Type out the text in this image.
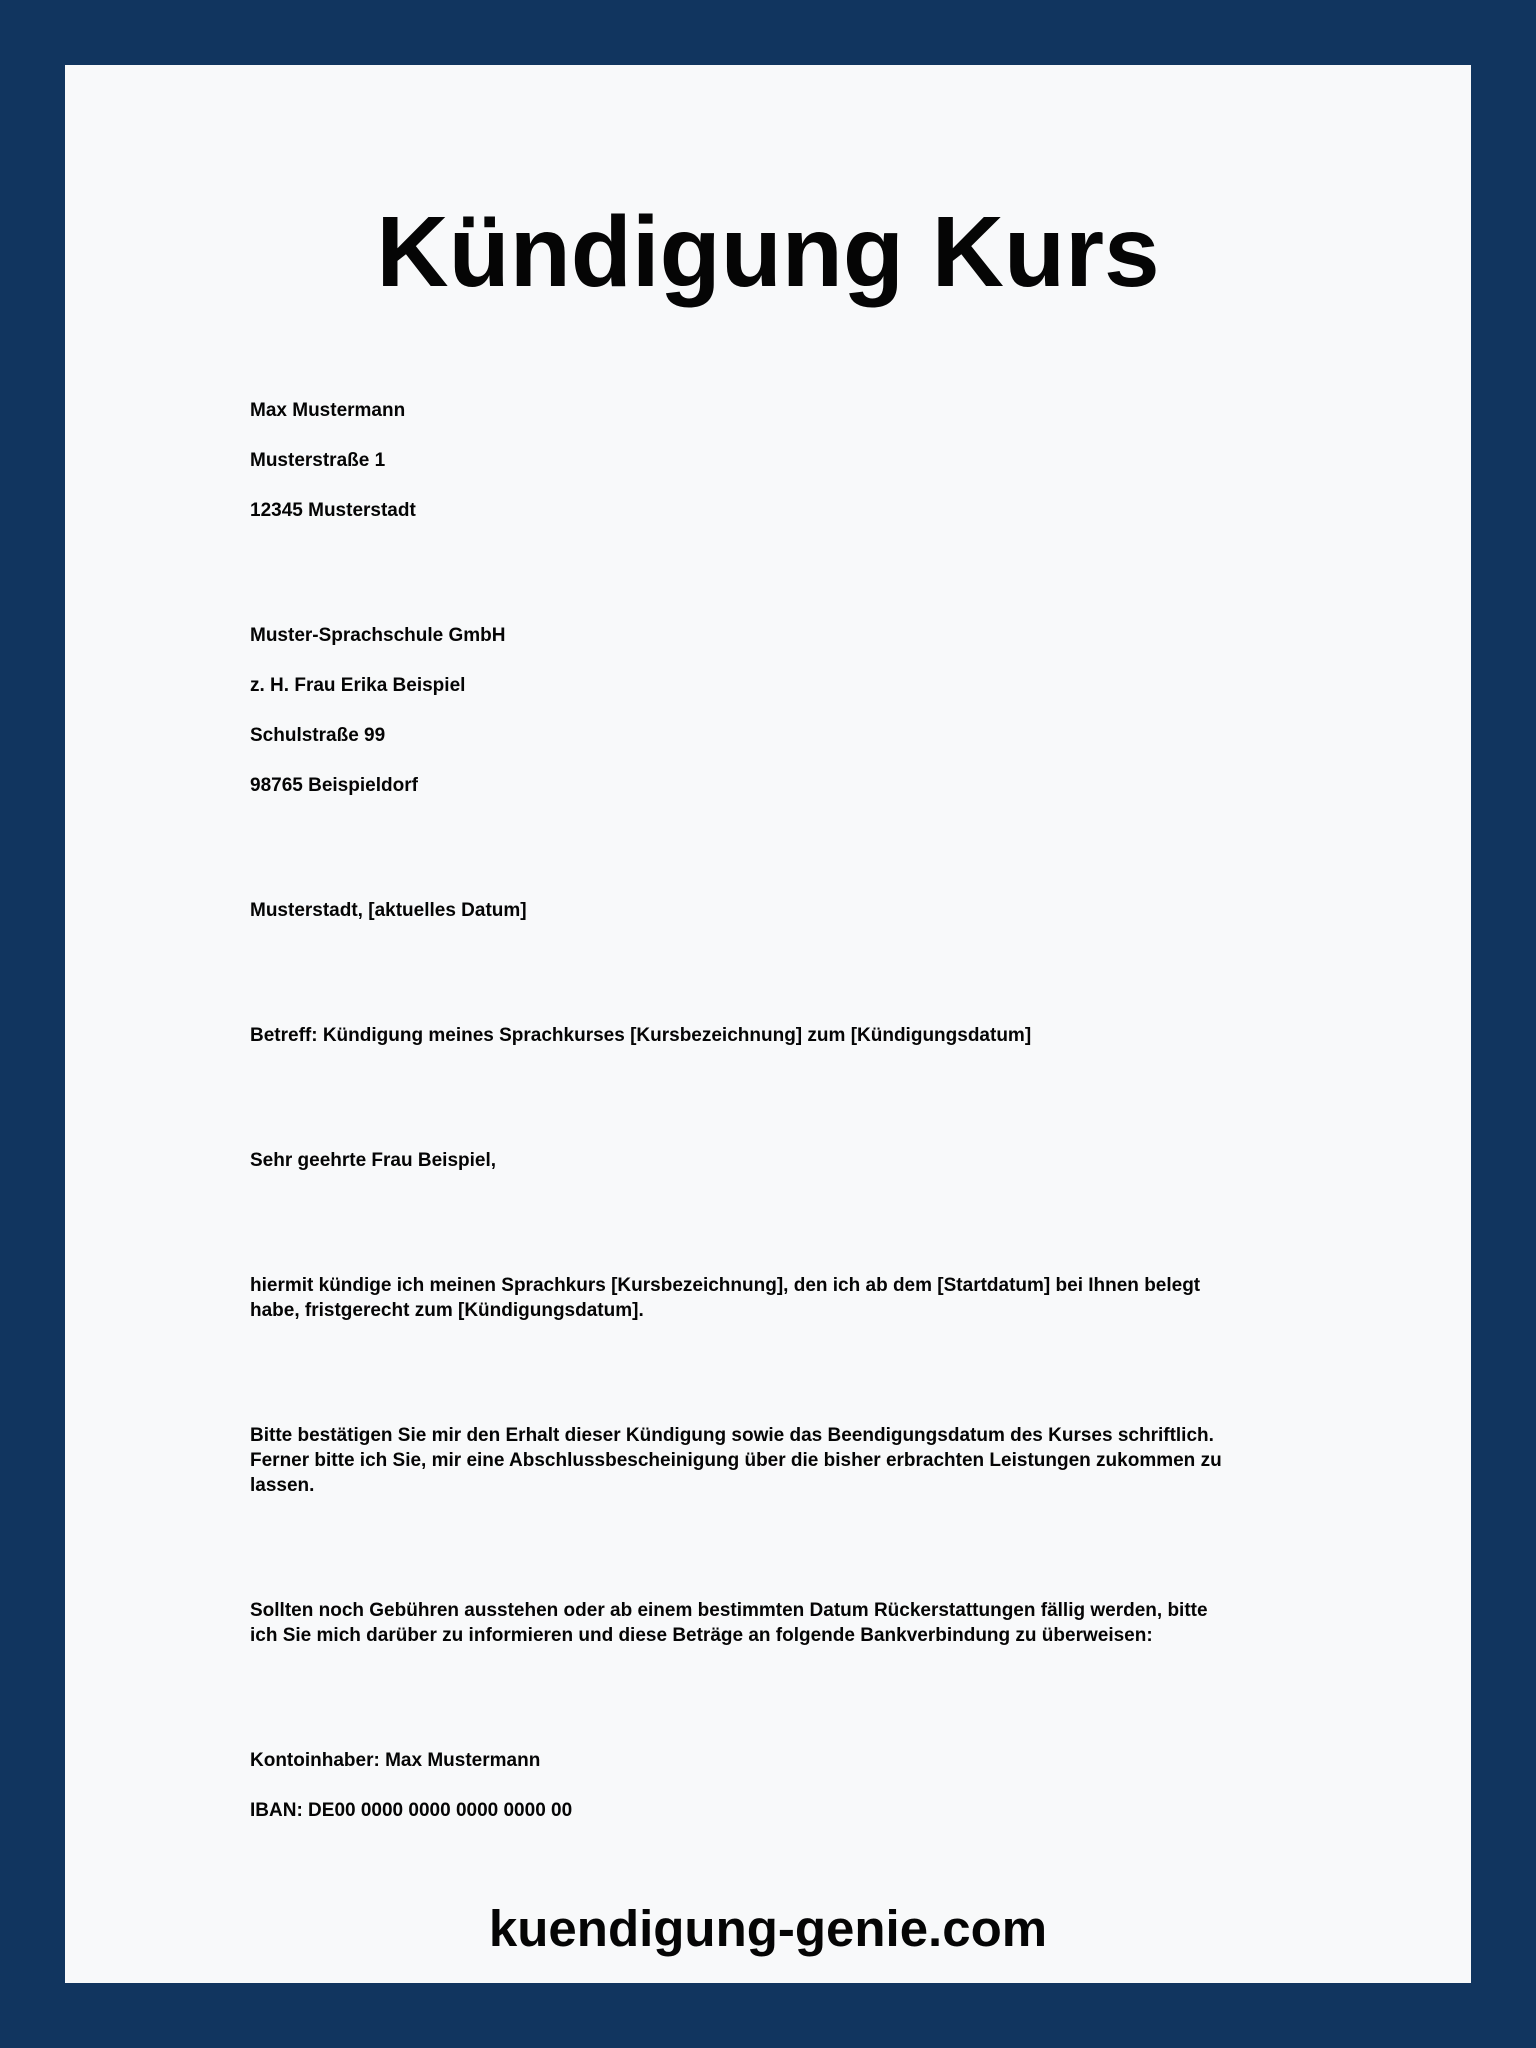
Kündigung Kurs

Max Mustermann

Musterstraße 1

12345 Musterstadt

Muster-Sprachschule GmbH

z. H. Frau Erika Beispiel

Schulstraße 99

98765 Beispieldorf

Musterstadt, [aktuelles Datum]

Betreff: Kündigung meines Sprachkurses [Kursbezeichnung] zum [Kündigungsdatum]

Sehr geehrte Frau Beispiel,

hiermit kündige ich meinen Sprachkurs [Kursbezeichnung], den ich ab dem [Startdatum] bei Ihnen belegt
habe, fristgerecht zum [Kündigungsdatum].
Bitte bestätigen Sie mir den Erhalt dieser Kündigung sowie das Beendigungsdatum des Kurses schriftlich.
Ferner bitte ich Sie, mir eine Abschlussbescheinigung über die bisher erbrachten Leistungen zukommen zu
lassen.
Sollten noch Gebühren ausstehen oder ab einem bestimmten Datum Rückerstattungen fällig werden, bitte
ich Sie mich darüber zu informieren und diese Beträge an folgende Bankverbindung zu überweisen:

Kontoinhaber: Max Mustermann

IBAN: DE00 0000 0000 0000 0000 00

kuendigung-genie.com
